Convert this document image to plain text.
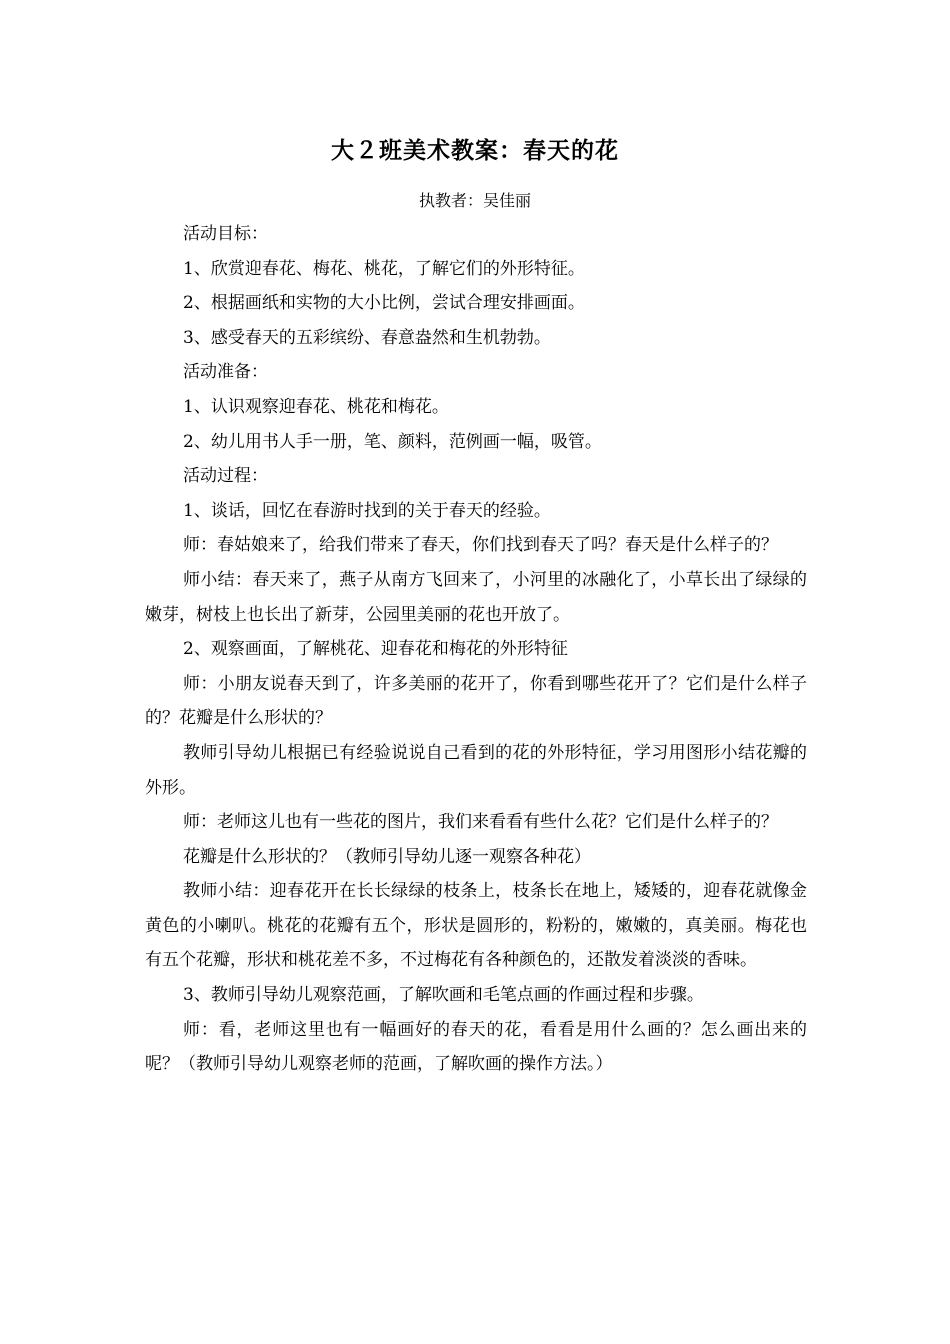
大２班美术教案：春天的花
执教者：吴佳丽

活动目标：

1、欣赏迎春花、梅花、桃花，了解它们的外形特征。

2、根据画纸和实物的大小比例，尝试合理安排画面。

3、感受春天的五彩缤纷、春意盎然和生机勃勃。

活动准备：

1、认识观察迎春花、桃花和梅花。

2、幼儿用书人手一册，笔、颜料，范例画一幅，吸管。

活动过程：

1、谈话，回忆在春游时找到的关于春天的经验。

师：春姑娘来了，给我们带来了春天，你们找到春天了吗？春天是什么样子的？

师小结：春天来了，燕子从南方飞回来了，小河里的冰融化了，小草长出了绿绿的嫩芽，树枝上也长出了新芽，公园里美丽的花也开放了。

2、观察画面，了解桃花、迎春花和梅花的外形特征

师：小朋友说春天到了，许多美丽的花开了，你看到哪些花开了？它们是什么样子的？花瓣是什么形状的？

教师引导幼儿根据已有经验说说自己看到的花的外形特征，学习用图形小结花瓣的外形。

师：老师这儿也有一些花的图片，我们来看看有些什么花？它们是什么样子的？

花瓣是什么形状的？（教师引导幼儿逐一观察各种花）

教师小结：迎春花开在长长绿绿的枝条上，枝条长在地上，矮矮的，迎春花就像金黄色的小喇叭。桃花的花瓣有五个，形状是圆形的，粉粉的，嫩嫩的，真美丽。梅花也有五个花瓣，形状和桃花差不多，不过梅花有各种颜色的，还散发着淡淡的香味。

3、教师引导幼儿观察范画，了解吹画和毛笔点画的作画过程和步骤。

师：看，老师这里也有一幅画好的春天的花，看看是用什么画的？怎么画出来的呢？（教师引导幼儿观察老师的范画，了解吹画的操作方法。）
